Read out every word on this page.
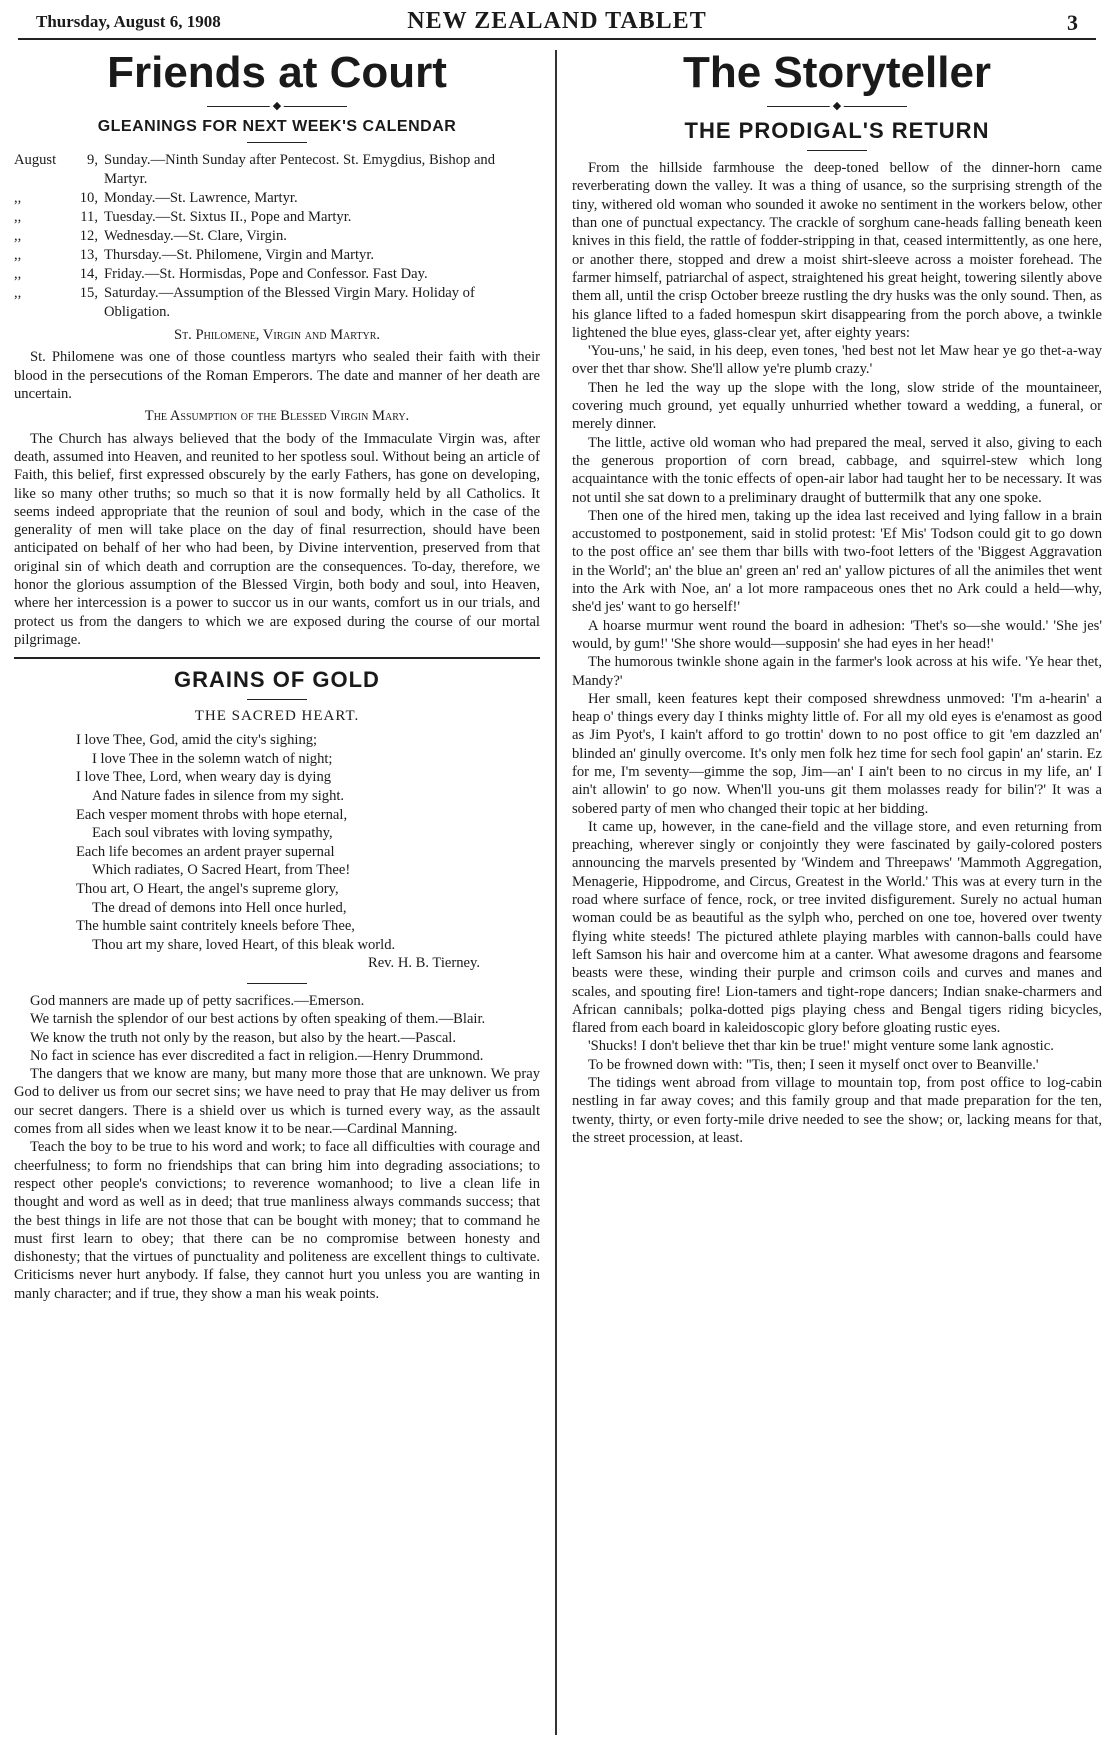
Thursday, August 6, 1908	NEW ZEALAND TABLET	3
Friends at Court
◆
GLEANINGS FOR NEXT WEEK'S CALENDAR
August	9, Sunday.—Ninth Sunday after Pentecost. St. Emygdius, Bishop and Martyr.
,,	10, Monday.—St. Lawrence, Martyr.
,,	11, Tuesday.—St. Sixtus II., Pope and Martyr.
,,	12, Wednesday.—St. Clare, Virgin.
,,	13, Thursday.—St. Philomene, Virgin and Martyr.
,,	14, Friday.—St. Hormisdas, Pope and Confessor. Fast Day.
,,	15, Saturday.—Assumption of the Blessed Virgin Mary. Holiday of Obligation.

St. Philomene, Virgin and Martyr.

St. Philomene was one of those countless martyrs who sealed their faith with their blood in the persecutions of the Roman Emperors. The date and manner of her death are uncertain.

The Assumption of the Blessed Virgin Mary.

The Church has always believed that the body of the Immaculate Virgin was, after death, assumed into Heaven, and reunited to her spotless soul. Without being an article of Faith, this belief, first expressed obscurely by the early Fathers, has gone on developing, like so many other truths; so much so that it is now formally held by all Catholics. It seems indeed appropriate that the reunion of soul and body, which in the case of the generality of men will take place on the day of final resurrection, should have been anticipated on behalf of her who had been, by Divine intervention, preserved from that original sin of which death and corruption are the consequences. To-day, therefore, we honor the glorious assumption of the Blessed Virgin, both body and soul, into Heaven, where her intercession is a power to succor us in our wants, comfort us in our trials, and protect us from the dangers to which we are exposed during the course of our mortal pilgrimage.

GRAINS OF GOLD
THE SACRED HEART.
I love Thee, God, amid the city's sighing;
I love Thee in the solemn watch of night;
I love Thee, Lord, when weary day is dying
And Nature fades in silence from my sight.
Each vesper moment throbs with hope eternal,
Each soul vibrates with loving sympathy,
Each life becomes an ardent prayer supernal
Which radiates, O Sacred Heart, from Thee!
Thou art, O Heart, the angel's supreme glory,
The dread of demons into Hell once hurled,
The humble saint contritely kneels before Thee,
Thou art my share, loved Heart, of this bleak world.
Rev. H. B. Tierney.

God manners are made up of petty sacrifices.—Emerson.

We tarnish the splendor of our best actions by often speaking of them.—Blair.

We know the truth not only by the reason, but also by the heart.—Pascal.

No fact in science has ever discredited a fact in religion.—Henry Drummond.

The dangers that we know are many, but many more those that are unknown. We pray God to deliver us from our secret sins; we have need to pray that He may deliver us from our secret dangers. There is a shield over us which is turned every way, as the assault comes from all sides when we least know it to be near.—Cardinal Manning.

Teach the boy to be true to his word and work; to face all difficulties with courage and cheerfulness; to form no friendships that can bring him into degrading associations; to respect other people's convictions; to reverence womanhood; to live a clean life in thought and word as well as in deed; that true manliness always commands success; that the best things in life are not those that can be bought with money; that to command he must first learn to obey; that there can be no compromise between honesty and dishonesty; that the virtues of punctuality and politeness are excellent things to cultivate. Criticisms never hurt anybody. If false, they cannot hurt you unless you are wanting in manly character; and if true, they show a man his weak points.

The Storyteller
◆
THE PRODIGAL'S RETURN

From the hillside farmhouse the deep-toned bellow of the dinner-horn came reverberating down the valley. It was a thing of usance, so the surprising strength of the tiny, withered old woman who sounded it awoke no sentiment in the workers below, other than one of punctual expectancy. The crackle of sorghum cane-heads falling beneath keen knives in this field, the rattle of fodder-stripping in that, ceased intermittently, as one here, or another there, stopped and drew a moist shirt-sleeve across a moister forehead. The farmer himself, patriarchal of aspect, straightened his great height, towering silently above them all, until the crisp October breeze rustling the dry husks was the only sound. Then, as his glance lifted to a faded homespun skirt disappearing from the porch above, a twinkle lightened the blue eyes, glass-clear yet, after eighty years:

'You-uns,' he said, in his deep, even tones, 'hed best not let Maw hear ye go thet-a-way over thet thar show. She'll allow ye're plumb crazy.'

Then he led the way up the slope with the long, slow stride of the mountaineer, covering much ground, yet equally unhurried whether toward a wedding, a funeral, or merely dinner.

The little, active old woman who had prepared the meal, served it also, giving to each the generous proportion of corn bread, cabbage, and squirrel-stew which long acquaintance with the tonic effects of open-air labor had taught her to be necessary. It was not until she sat down to a preliminary draught of buttermilk that any one spoke.

Then one of the hired men, taking up the idea last received and lying fallow in a brain accustomed to postponement, said in stolid protest: 'Ef Mis' Todson could git to go down to the post office an' see them thar bills with two-foot letters of the 'Biggest Aggravation in the World'; an' the blue an' green an' red an' yallow pictures of all the animiles thet went into the Ark with Noe, an' a lot more rampaceous ones thet no Ark could a held—why, she'd jes' want to go herself!'

A hoarse murmur went round the board in adhesion: 'Thet's so—she would.' 'She jes' would, by gum!' 'She shore would—supposin' she had eyes in her head!'

The humorous twinkle shone again in the farmer's look across at his wife. 'Ye hear thet, Mandy?'

Her small, keen features kept their composed shrewdness unmoved: 'I'm a-hearin' a heap o' things every day I thinks mighty little of. For all my old eyes is e'enamost as good as Jim Pyot's, I kain't afford to go trottin' down to no post office to git 'em dazzled an' blinded an' ginully overcome. It's only men folk hez time for sech fool gapin' an' starin. Ez for me, I'm seventy—gimme the sop, Jim—an' I ain't been to no circus in my life, an' I ain't allowin' to go now. When'll you-uns git them molasses ready for bilin'?' It was a sobered party of men who changed their topic at her bidding.

It came up, however, in the cane-field and the village store, and even returning from preaching, wherever singly or conjointly they were fascinated by gaily-colored posters announcing the marvels presented by 'Windem and Threepaws' 'Mammoth Aggregation, Menagerie, Hippodrome, and Circus, Greatest in the World.' This was at every turn in the road where surface of fence, rock, or tree invited disfigurement. Surely no actual human woman could be as beautiful as the sylph who, perched on one toe, hovered over twenty flying white steeds! The pictured athlete playing marbles with cannon-balls could have left Samson his hair and overcome him at a canter. What awesome dragons and fearsome beasts were these, winding their purple and crimson coils and curves and manes and scales, and spouting fire! Lion-tamers and tight-rope dancers; Indian snake-charmers and African cannibals; polka-dotted pigs playing chess and Bengal tigers riding bicycles, flared from each board in kaleidoscopic glory before gloating rustic eyes.

'Shucks! I don't believe thet thar kin be true!' might venture some lank agnostic.

To be frowned down with: ''Tis, then; I seen it myself onct over to Beanville.'

The tidings went abroad from village to mountain top, from post office to log-cabin nestling in far away coves; and this family group and that made preparation for the ten, twenty, thirty, or even forty-mile drive needed to see the show; or, lacking means for that, the street procession, at least.
